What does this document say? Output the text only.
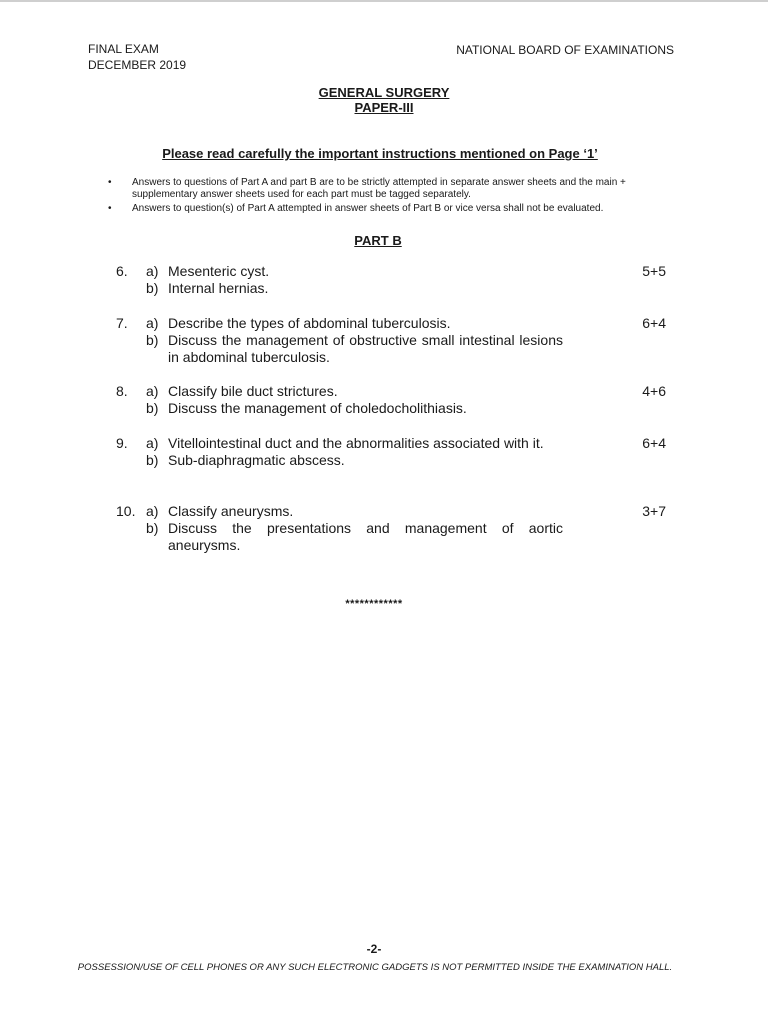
FINAL EXAM
DECEMBER 2019
NATIONAL BOARD OF EXAMINATIONS
GENERAL SURGERY
PAPER-III
Please read carefully the important instructions mentioned on Page ‘1’
• Answers to questions of Part A and part B are to be strictly attempted in separate answer sheets and the main + supplementary answer sheets used for each part must be tagged separately.
• Answers to question(s) of Part A attempted in answer sheets of Part B or vice versa shall not be evaluated.
PART B
6.	5+5
a) Mesenteric cyst.
b) Internal hernias.
7.	6+4
a) Describe the types of abdominal tuberculosis.
b) Discuss the management of obstructive small intestinal lesions in abdominal tuberculosis.
8.	4+6
a) Classify bile duct strictures.
b) Discuss the management of choledocholithiasis.
9.	6+4
a) Vitellointestinal duct and the abnormalities associated with it.
b) Sub-diaphragmatic abscess.
10.	3+7
a) Classify aneurysms.
b) Discuss the presentations and management of aortic aneurysms.
************
-2-
POSSESSION/USE OF CELL PHONES OR ANY SUCH ELECTRONIC GADGETS IS NOT PERMITTED INSIDE THE EXAMINATION HALL.
